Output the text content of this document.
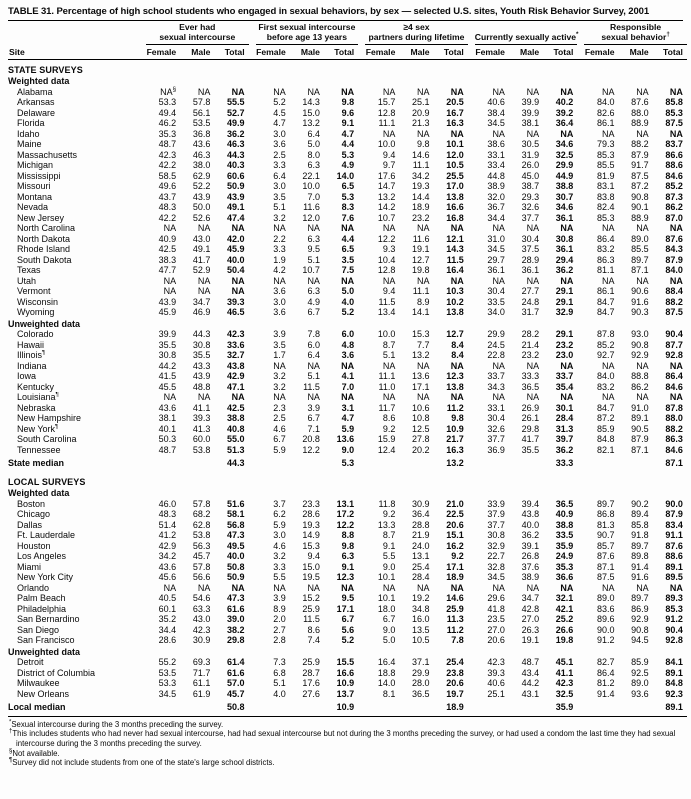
TABLE 31. Percentage of high school students who engaged in sexual behaviors, by sex — selected U.S. sites, Youth Risk Behavior Survey, 2001
Site		
Ever had
sexual intercourse

First sexual intercourse
before age 13 years

≥4 sex
partners during lifetime		Currently sexually active*

Responsible
sexual behavior†

		Female	Male	Total		Female	Male	Total		Female	Male	Total		Female	Male	Total		Female	Male	Total
STATE SURVEYS																				
Weighted data																				
Alabama		NA§	NA	NA		NA	NA	NA		NA	NA	NA		NA	NA	NA		NA	NA	NA
Arkansas		53.3	57.8	55.5		5.2	14.3	9.8		15.7	25.1	20.5		40.6	39.9	40.2		84.0	87.6	85.8
Delaware		49.4	56.1	52.7		4.5	15.0	9.6		12.8	20.9	16.7		38.4	39.9	39.2		82.6	88.0	85.3
Florida		46.2	53.5	49.9		4.7	13.2	9.1		11.1	21.3	16.3		34.5	38.1	36.4		86.1	88.9	87.5
Idaho		35.3	36.8	36.2		3.0	6.4	4.7		NA	NA	NA		NA	NA	NA		NA	NA	NA
Maine		48.7	43.6	46.3		3.6	5.0	4.4		10.0	9.8	10.1		38.6	30.5	34.6		79.3	88.2	83.7
Massachusetts		42.3	46.3	44.3		2.5	8.0	5.3		9.4	14.6	12.0		33.1	31.9	32.5		85.3	87.9	86.6
Michigan		42.2	38.0	40.3		3.3	6.3	4.9		9.7	11.1	10.5		33.4	26.0	29.9		85.5	91.7	88.6
Mississippi		58.5	62.9	60.6		6.4	22.1	14.0		17.6	34.2	25.5		44.8	45.0	44.9		81.9	87.5	84.6
Missouri		49.6	52.2	50.9		3.0	10.0	6.5		14.7	19.3	17.0		38.9	38.7	38.8		83.1	87.2	85.2
Montana		43.7	43.9	43.9		3.5	7.0	5.3		13.2	14.4	13.8		32.0	29.3	30.7		83.8	90.8	87.3
Nevada		48.3	50.0	49.1		5.1	11.6	8.3		14.2	18.9	16.6		36.7	32.6	34.6		82.4	90.1	86.2
New Jersey		42.2	52.6	47.4		3.2	12.0	7.6		10.7	23.2	16.8		34.4	37.7	36.1		85.3	88.9	87.0
North Carolina		NA	NA	NA		NA	NA	NA		NA	NA	NA		NA	NA	NA		NA	NA	NA
North Dakota		40.9	43.0	42.0		2.2	6.3	4.4		12.2	11.6	12.1		31.0	30.4	30.8		86.4	89.0	87.6
Rhode Island		42.5	49.1	45.9		3.3	9.5	6.5		9.3	19.1	14.3		34.5	37.5	36.1		83.2	85.5	84.3
South Dakota		38.3	41.7	40.0		1.9	5.1	3.5		10.4	12.7	11.5		29.7	28.9	29.4		86.3	89.7	87.9
Texas		47.7	52.9	50.4		4.2	10.7	7.5		12.8	19.8	16.4		36.1	36.1	36.2		81.1	87.1	84.0
Utah		NA	NA	NA		NA	NA	NA		NA	NA	NA		NA	NA	NA		NA	NA	NA
Vermont		NA	NA	NA		3.6	6.3	5.0		9.4	11.1	10.3		30.4	27.7	29.1		86.1	90.6	88.4
Wisconsin		43.9	34.7	39.3		3.0	4.9	4.0		11.5	8.9	10.2		33.5	24.8	29.1		84.7	91.6	88.2
Wyoming		45.9	46.9	46.5		3.6	6.7	5.2		13.4	14.1	13.8		34.0	31.7	32.9		84.7	90.3	87.5
Unweighted data																				
Colorado		39.9	44.3	42.3		3.9	7.8	6.0		10.0	15.3	12.7		29.9	28.2	29.1		87.8	93.0	90.4
Hawaii		35.5	30.8	33.6		3.5	6.0	4.8		8.7	7.7	8.4		24.5	21.4	23.2		85.2	90.8	87.7
Illinois¶		30.8	35.5	32.7		1.7	6.4	3.6		5.1	13.2	8.4		22.8	23.2	23.0		92.7	92.9	92.8
Indiana		44.2	43.3	43.8		NA	NA	NA		NA	NA	NA		NA	NA	NA		NA	NA	NA
Iowa		41.5	43.9	42.9		3.2	5.1	4.1		11.1	13.6	12.3		33.7	33.3	33.7		84.0	88.8	86.4
Kentucky		45.5	48.8	47.1		3.2	11.5	7.0		11.0	17.1	13.8		34.3	36.5	35.4		83.2	86.2	84.6
Louisiana¶		NA	NA	NA		NA	NA	NA		NA	NA	NA		NA	NA	NA		NA	NA	NA
Nebraska		43.6	41.1	42.5		2.3	3.9	3.1		11.7	10.6	11.2		33.1	26.9	30.1		84.7	91.0	87.8
New Hampshire		38.1	39.3	38.8		2.5	6.7	4.7		8.6	10.8	9.8		30.4	26.1	28.4		87.2	89.1	88.0
New York¶		40.1	41.3	40.8		4.6	7.1	5.9		9.2	12.5	10.9		32.6	29.8	31.3		85.9	90.5	88.2
South Carolina		50.3	60.0	55.0		6.7	20.8	13.6		15.9	27.8	21.7		37.7	41.7	39.7		84.8	87.9	86.3
Tennessee		48.7	53.8	51.3		5.9	12.2	9.0		12.4	20.2	16.3		36.9	35.5	36.2		82.1	87.1	84.6
State median				44.3				5.3				13.2				33.3				87.1
LOCAL SURVEYS																				
Weighted data																				
Boston		46.0	57.8	51.6		3.7	23.3	13.1		11.8	30.9	21.0		33.9	39.4	36.5		89.7	90.2	90.0
Chicago		48.3	68.2	58.1		6.2	28.6	17.2		9.2	36.4	22.5		37.9	43.8	40.9		86.8	89.4	87.9
Dallas		51.4	62.8	56.8		5.9	19.3	12.2		13.3	28.8	20.6		37.7	40.0	38.8		81.3	85.8	83.4
Ft. Lauderdale		41.2	53.8	47.3		3.0	14.9	8.8		8.7	21.9	15.1		30.8	36.2	33.5		90.7	91.8	91.1
Houston		42.9	56.3	49.5		4.6	15.3	9.8		9.1	24.0	16.2		32.9	39.1	35.9		85.7	89.7	87.6
Los Angeles		34.2	45.7	40.0		3.2	9.4	6.3		5.5	13.1	9.2		22.7	26.8	24.9		87.6	89.8	88.6
Miami		43.6	57.8	50.8		3.3	15.0	9.1		9.0	25.4	17.1		32.8	37.6	35.3		87.1	91.4	89.1
New York City		45.6	56.6	50.9		5.5	19.5	12.3		10.1	28.4	18.9		34.5	38.9	36.6		87.5	91.6	89.5
Orlando		NA	NA	NA		NA	NA	NA		NA	NA	NA		NA	NA	NA		NA	NA	NA
Palm Beach		40.5	54.6	47.3		3.9	15.2	9.5		10.1	19.2	14.6		29.6	34.7	32.1		89.0	89.7	89.3
Philadelphia		60.1	63.3	61.6		8.9	25.9	17.1		18.0	34.8	25.9		41.8	42.8	42.1		83.6	86.9	85.3
San Bernardino		35.2	43.0	39.0		2.0	11.5	6.7		6.7	16.0	11.3		23.5	27.0	25.2		89.6	92.9	91.2
San Diego		34.4	42.3	38.2		2.7	8.6	5.6		9.0	13.5	11.2		27.0	26.3	26.6		90.0	90.8	90.4
San Francisco		28.6	30.9	29.8		2.8	7.4	5.2		5.0	10.5	7.8		20.6	19.1	19.8		91.2	94.5	92.8
Unweighted data																				
Detroit		55.2	69.3	61.4		7.3	25.9	15.5		16.4	37.1	25.4		42.3	48.7	45.1		82.7	85.9	84.1
District of Columbia		53.5	71.7	61.6		6.8	28.7	16.6		18.8	29.9	23.8		39.3	43.4	41.1		86.4	92.5	89.1
Milwaukee		53.3	61.1	57.0		5.1	17.6	10.9		14.0	28.0	20.6		40.6	44.2	42.3		81.2	89.0	84.8
New Orleans		34.5	61.9	45.7		4.0	27.6	13.7		8.1	36.5	19.7		25.1	43.1	32.5		91.4	93.6	92.3
Local median				50.8				10.9				18.9				35.9				89.1
*Sexual intercourse during the 3 months preceding the survey.
†This includes students who had never had sexual intercourse, had had sexual intercourse but not during the 3 months preceding the survey, or had used a condom the last time they had sexual intercourse during the 3 months preceding the survey.
§Not available.
¶Survey did not include students from one of the state's large school districts.
